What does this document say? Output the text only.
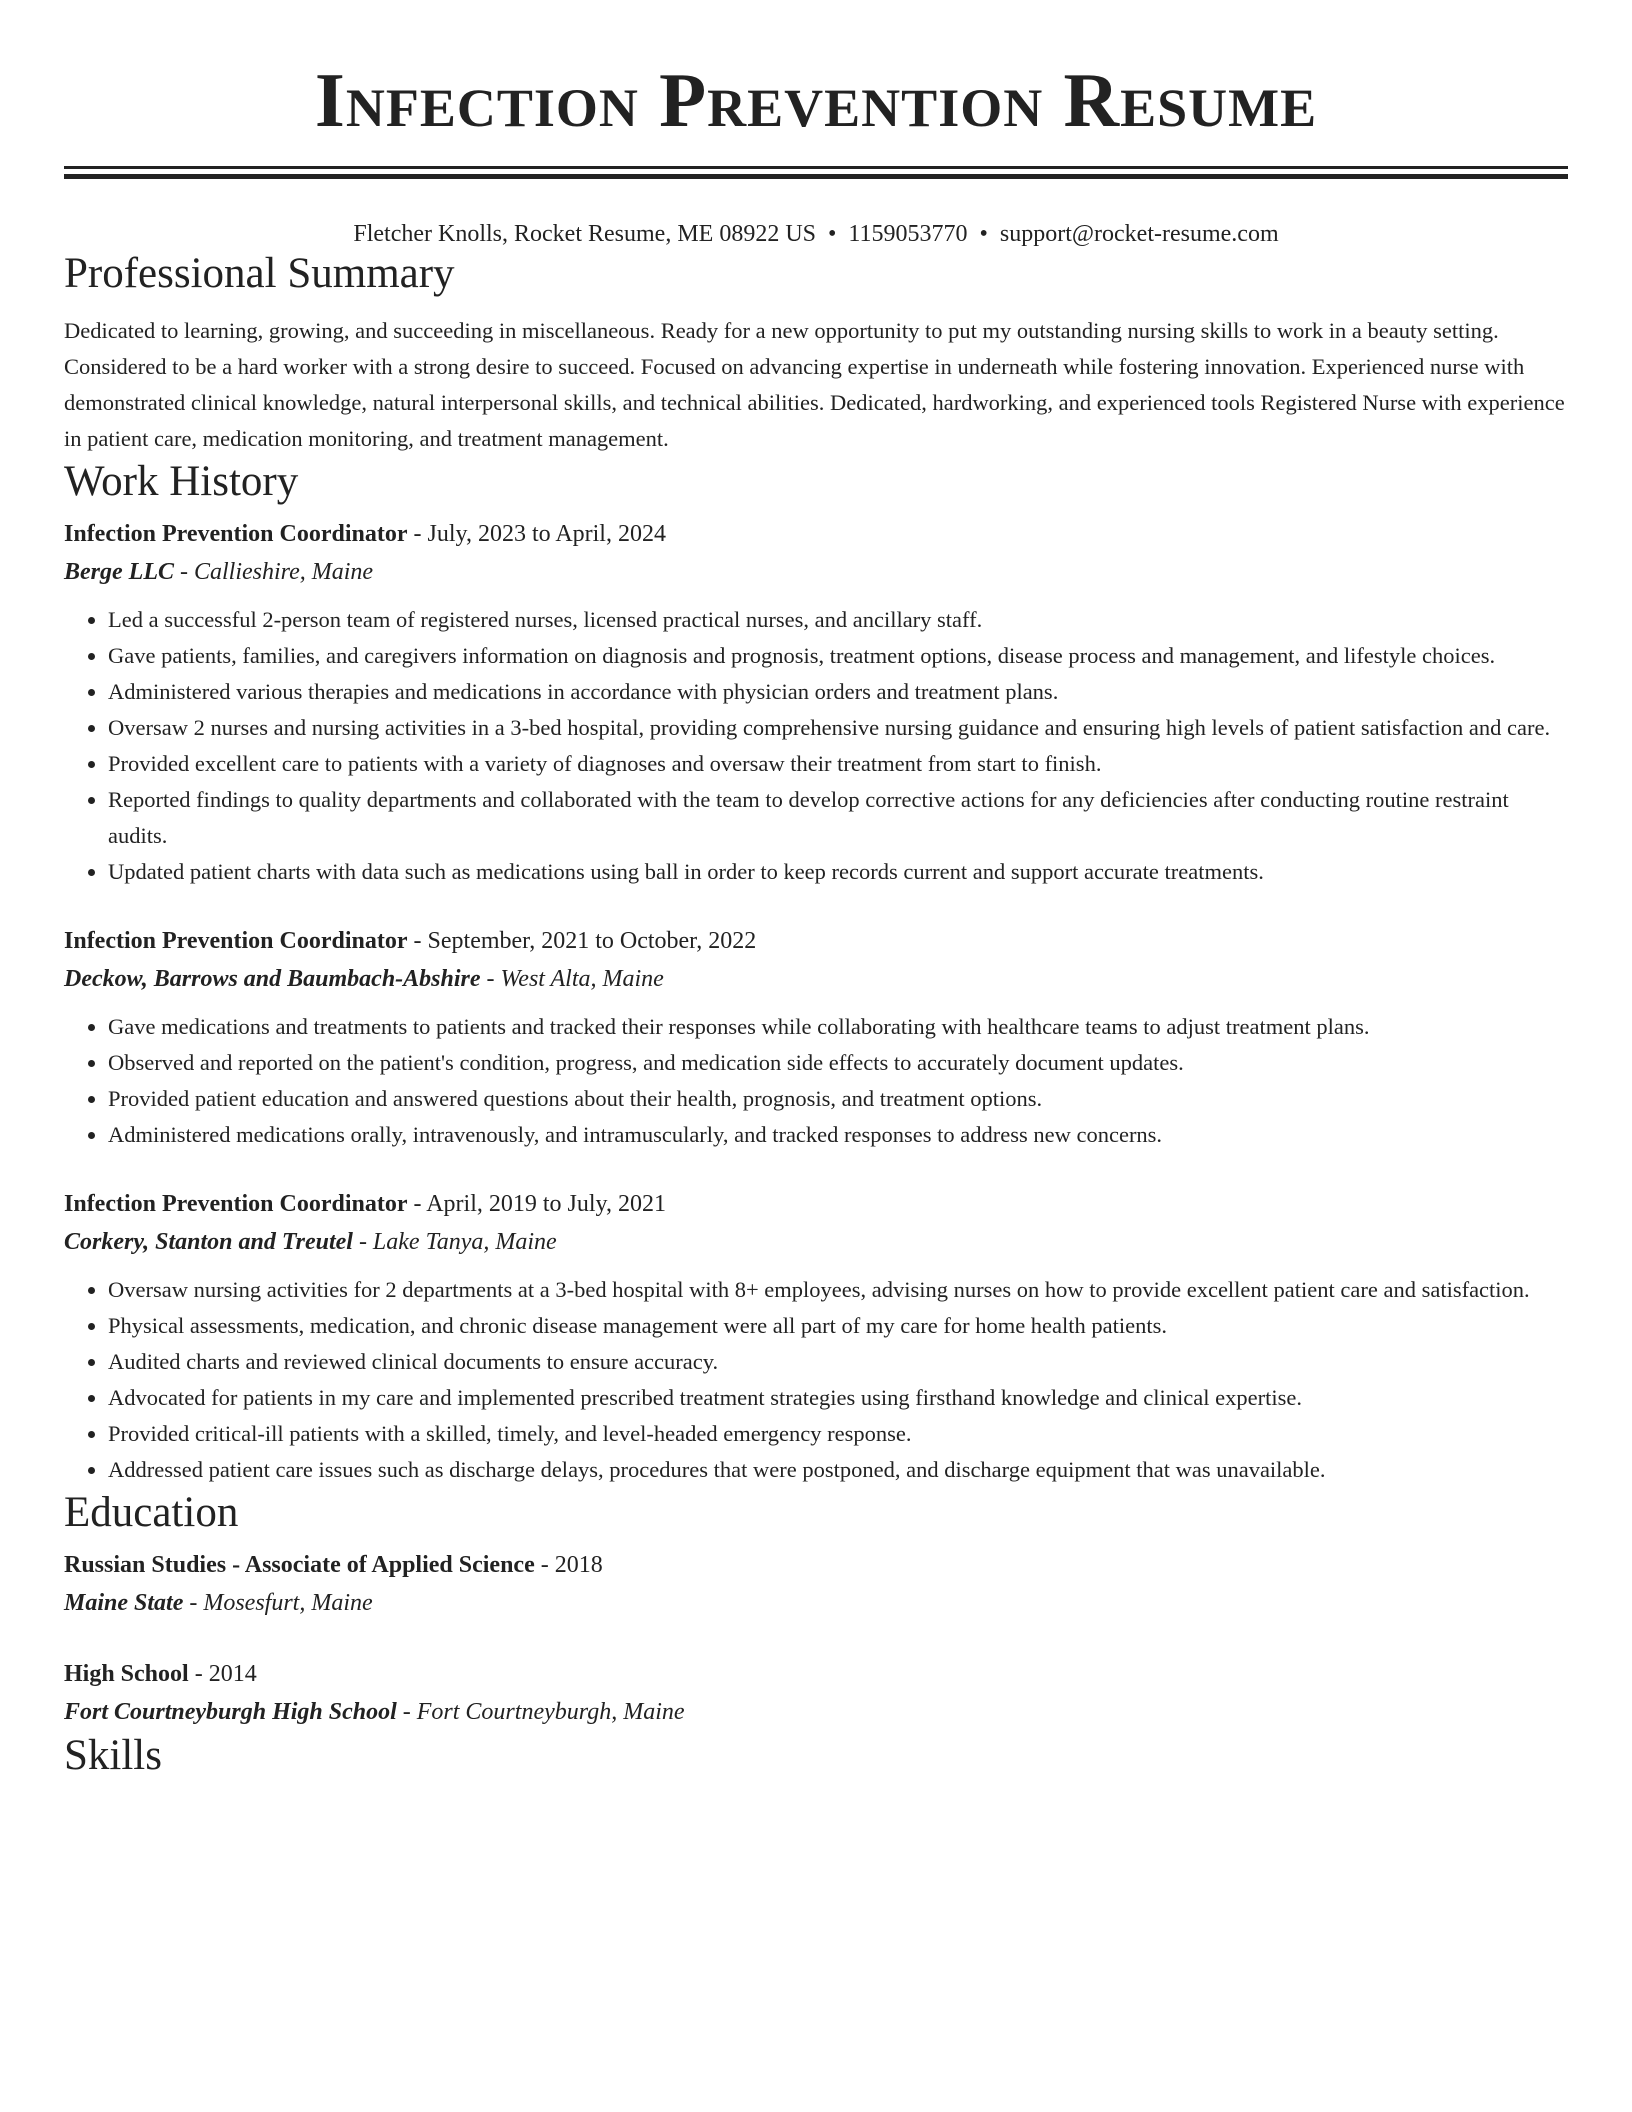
Infection Prevention Resume
Fletcher Knolls, Rocket Resume, ME 08922 US • 1159053770 • support@rocket-resume.com
Professional Summary

Dedicated to learning, growing, and succeeding in miscellaneous. Ready for a new opportunity to put my outstanding nursing skills to work in a beauty setting. Considered to be a hard worker with a strong desire to succeed. Focused on advancing expertise in underneath while fostering innovation. Experienced nurse with demonstrated clinical knowledge, natural interpersonal skills, and technical abilities. Dedicated, hardworking, and experienced tools Registered Nurse with experience in patient care, medication monitoring, and treatment management.

Work History

Infection Prevention Coordinator - July, 2023 to April, 2024

Berge LLC - Callieshire, Maine

• Led a successful 2-person team of registered nurses, licensed practical nurses, and ancillary staff.
• Gave patients, families, and caregivers information on diagnosis and prognosis, treatment options, disease process and management, and lifestyle choices.
• Administered various therapies and medications in accordance with physician orders and treatment plans.
• Oversaw 2 nurses and nursing activities in a 3-bed hospital, providing comprehensive nursing guidance and ensuring high levels of patient satisfaction and care.
• Provided excellent care to patients with a variety of diagnoses and oversaw their treatment from start to finish.
• Reported findings to quality departments and collaborated with the team to develop corrective actions for any deficiencies after conducting routine restraint audits.
• Updated patient charts with data such as medications using ball in order to keep records current and support accurate treatments.

Infection Prevention Coordinator - September, 2021 to October, 2022

Deckow, Barrows and Baumbach-Abshire - West Alta, Maine

• Gave medications and treatments to patients and tracked their responses while collaborating with healthcare teams to adjust treatment plans.
• Observed and reported on the patient's condition, progress, and medication side effects to accurately document updates.
• Provided patient education and answered questions about their health, prognosis, and treatment options.
• Administered medications orally, intravenously, and intramuscularly, and tracked responses to address new concerns.

Infection Prevention Coordinator - April, 2019 to July, 2021

Corkery, Stanton and Treutel - Lake Tanya, Maine

• Oversaw nursing activities for 2 departments at a 3-bed hospital with 8+ employees, advising nurses on how to provide excellent patient care and satisfaction.
• Physical assessments, medication, and chronic disease management were all part of my care for home health patients.
• Audited charts and reviewed clinical documents to ensure accuracy.
• Advocated for patients in my care and implemented prescribed treatment strategies using firsthand knowledge and clinical expertise.
• Provided critical-ill patients with a skilled, timely, and level-headed emergency response.
• Addressed patient care issues such as discharge delays, procedures that were postponed, and discharge equipment that was unavailable.
Education

Russian Studies - Associate of Applied Science - 2018

Maine State - Mosesfurt, Maine

High School - 2014

Fort Courtneyburgh High School - Fort Courtneyburgh, Maine

Skills
